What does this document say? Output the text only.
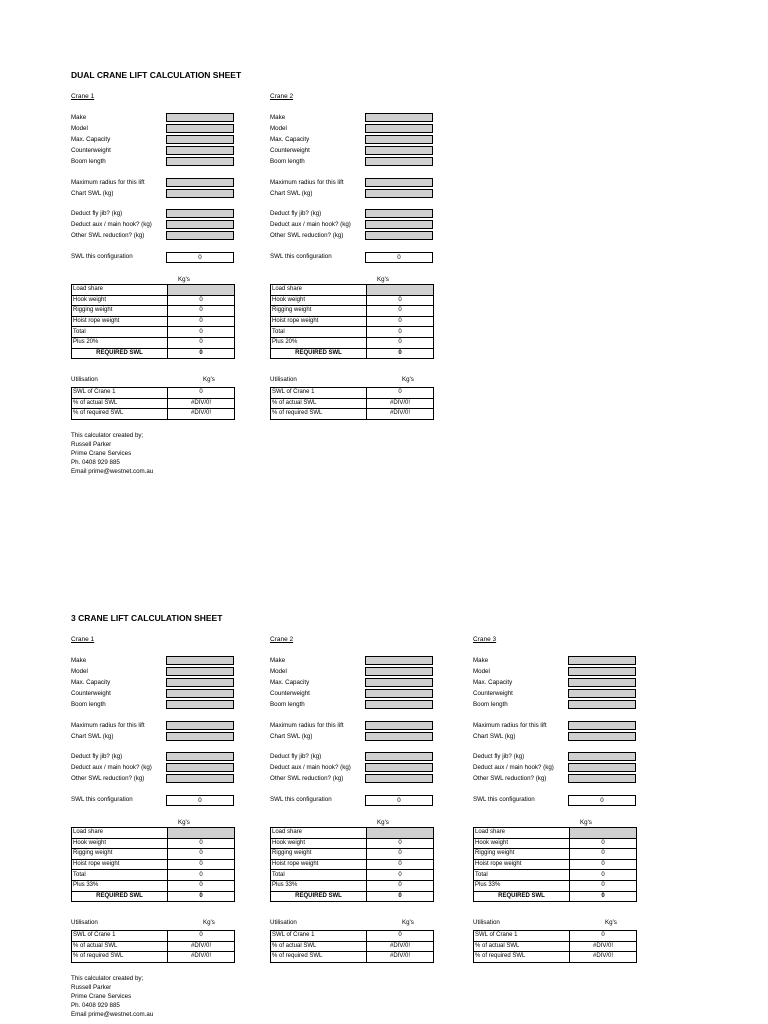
DUAL CRANE LIFT CALCULATION SHEET
Crane 1
Make
Model
Max. Capacity
Counterweight
Boom length
Maximum radius for this lift
Chart SWL (kg)
Deduct fly jib? (kg)
Deduct aux / main hook? (kg)
Other SWL reduction? (kg)
SWL this configuration	0
Kg's
Load share	
Hook weight	0
Rigging weight	0
Hoist rope weight	0
Total	0
Plus 20%	0
REQUIRED SWL	0
Utilisation	Kg's
SWL of Crane 1	0
% of actual SWL	#DIV/0!
% of required SWL	#DIV/0!
Crane 2
Make
Model
Max. Capacity
Counterweight
Boom length
Maximum radius for this lift
Chart SWL (kg)
Deduct fly jib? (kg)
Deduct aux / main hook? (kg)
Other SWL reduction? (kg)
SWL this configuration	0
Kg's
Load share	
Hook weight	0
Rigging weight	0
Hoist rope weight	0
Total	0
Plus 20%	0
REQUIRED SWL	0
Utilisation	Kg's
SWL of Crane 1	0
% of actual SWL	#DIV/0!
% of required SWL	#DIV/0!
This calculator created by;
Russell Parker
Prime Crane Services
Ph. 0408 929 885
Email prime@westnet.com.au
3 CRANE LIFT CALCULATION SHEET
Crane 1
Make
Model
Max. Capacity
Counterweight
Boom length
Maximum radius for this lift
Chart SWL (kg)
Deduct fly jib? (kg)
Deduct aux / main hook? (kg)
Other SWL reduction? (kg)
SWL this configuration	0
Kg's
Load share	
Hook weight	0
Rigging weight	0
Hoist rope weight	0
Total	0
Plus 33%	0
REQUIRED SWL	0
Utilisation	Kg's
SWL of Crane 1	0
% of actual SWL	#DIV/0!
% of required SWL	#DIV/0!
Crane 2
Make
Model
Max. Capacity
Counterweight
Boom length
Maximum radius for this lift
Chart SWL (kg)
Deduct fly jib? (kg)
Deduct aux / main hook? (kg)
Other SWL reduction? (kg)
SWL this configuration	0
Kg's
Load share	
Hook weight	0
Rigging weight	0
Hoist rope weight	0
Total	0
Plus 33%	0
REQUIRED SWL	0
Utilisation	Kg's
SWL of Crane 1	0
% of actual SWL	#DIV/0!
% of required SWL	#DIV/0!
Crane 3
Make
Model
Max. Capacity
Counterweight
Boom length
Maximum radius for this lift
Chart SWL (kg)
Deduct fly jib? (kg)
Deduct aux / main hook? (kg)
Other SWL reduction? (kg)
SWL this configuration	0
Kg's
Load share	
Hook weight	0
Rigging weight	0
Hoist rope weight	0
Total	0
Plus 33%	0
REQUIRED SWL	0
Utilisation	Kg's
SWL of Crane 1	0
% of actual SWL	#DIV/0!
% of required SWL	#DIV/0!
This calculator created by;
Russell Parker
Prime Crane Services
Ph. 0408 929 885
Email prime@westnet.com.au
